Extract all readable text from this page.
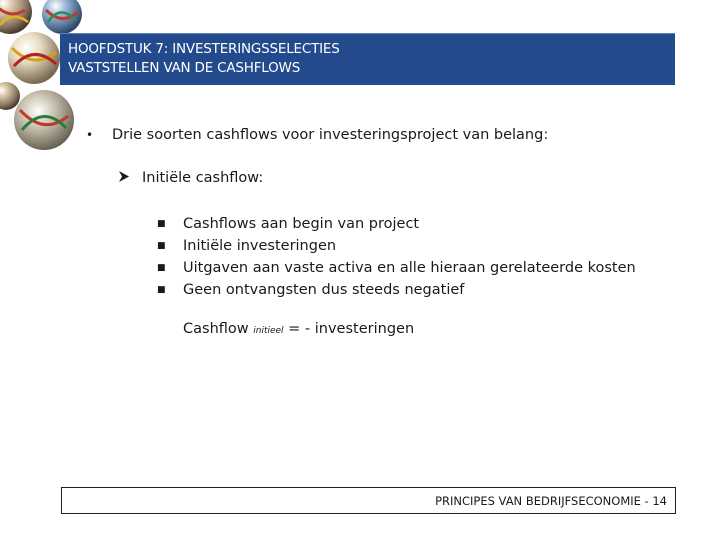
HOOFDSTUK 7: INVESTERINGSSELECTIES
VASTSTELLEN VAN DE CASHFLOWS
• Drie soorten cashflows voor investeringsproject van belang:
Initiële cashflow:
■ Cashflows aan begin van project
■ Initiële investeringen
■ Uitgaven aan vaste activa en alle hieraan gerelateerde kosten
■ Geen ontvangsten dus steeds negatief
Cashflow initieel = - investeringen
PRINCIPES VAN BEDRIJFSECONOMIE - 14
